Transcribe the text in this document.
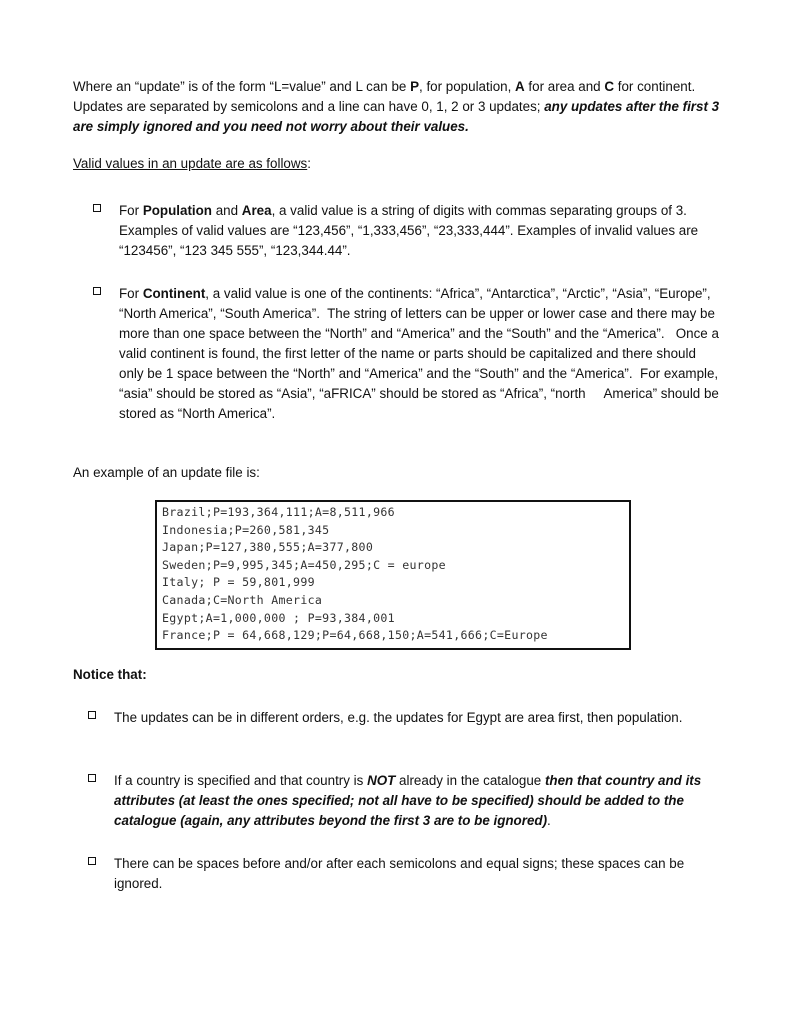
Where an “update” is of the form “L=value” and L can be P, for population, A for area and C for continent. Updates are separated by semicolons and a line can have 0, 1, 2 or 3 updates; any updates after the first 3 are simply ignored and you need not worry about their values.

Valid values in an update are as follows:

For Population and Area, a valid value is a string of digits with commas separating groups of 3. Examples of valid values are “123,456”, “1,333,456”, “23,333,444”. Examples of invalid values are “123456”, “123 345 555”, “123,344.44”.

For Continent, a valid value is one of the continents: “Africa”, “Antarctica”, “Arctic”, “Asia”, “Europe”, “North America”, “South America”.  The string of letters can be upper or lower case and there may be more than one space between the “North” and “America” and the “South” and the “America”.   Once a valid continent is found, the first letter of the name or parts should be capitalized and there should only be 1 space between the “North” and “America” and the “South” and the “America”.  For example, “asia” should be stored as “Asia”, “aFRICA” should be stored as “Africa”, “north     America” should be stored as “North America”.

An example of an update file is:

Brazil;P=193,364,111;A=8,511,966
Indonesia;P=260,581,345
Japan;P=127,380,555;A=377,800
Sweden;P=9,995,345;A=450,295;C = europe
Italy; P = 59,801,999
Canada;C=North America
Egypt;A=1,000,000 ; P=93,384,001
France;P = 64,668,129;P=64,668,150;A=541,666;C=Europe

Notice that:

The updates can be in different orders, e.g. the updates for Egypt are area first, then population.

If a country is specified and that country is NOT already in the catalogue then that country and its attributes (at least the ones specified; not all have to be specified) should be added to the catalogue (again, any attributes beyond the first 3 are to be ignored).

There can be spaces before and/or after each semicolons and equal signs; these spaces can be ignored.
